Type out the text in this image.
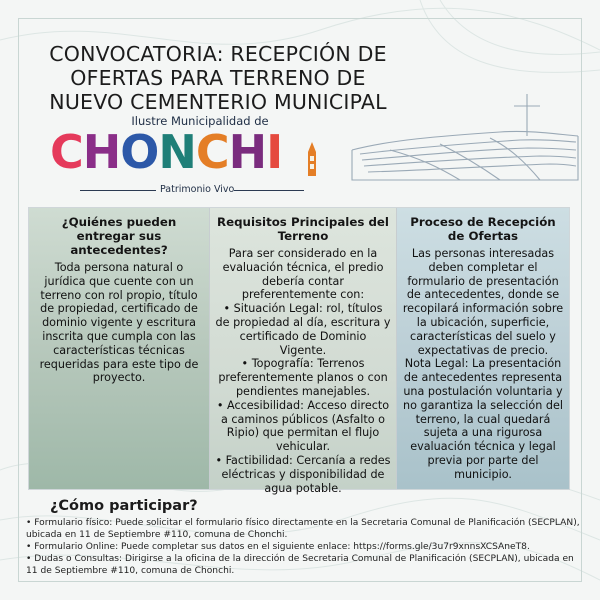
CONVOCATORIA: RECEPCIÓN DE
OFERTAS PARA TERRENO DE
NUEVO CEMENTERIO MUNICIPAL
Ilustre Municipalidad de
CHONCHI
Patrimonio Vivo
¿Quiénes pueden entregar sus antecedentes?

Toda persona natural o
jurídica que cuente con un
terreno con rol propio, título
de propiedad, certificado de
dominio vigente y escritura
inscrita que cumpla con las
características técnicas
requeridas para este tipo de
proyecto.

Requisitos Principales del Terreno

Para ser considerado en la
evaluación técnica, el predio
debería contar
preferentemente con:
• Situación Legal: rol, títulos
de propiedad al día, escritura y
certificado de Dominio Vigente.
• Topografía: Terrenos
preferentemente planos o con
pendientes manejables.
• Accesibilidad: Acceso directo
a caminos públicos (Asfalto o
Ripio) que permitan el flujo
vehicular.
• Factibilidad: Cercanía a redes
eléctricas y disponibilidad de
agua potable.

Proceso de Recepción de Ofertas

Las personas interesadas
deben completar el
formulario de presentación
de antecedentes, donde se
recopilará información sobre
la ubicación, superficie,
características del suelo y
expectativas de precio.
Nota Legal: La presentación
de antecedentes representa
una postulación voluntaria y
no garantiza la selección del
terreno, la cual quedará
sujeta a una rigurosa
evaluación técnica y legal
previa por parte del
municipio.

¿Cómo participar?
• Formulario físico: Puede solicitar el formulario físico directamente en la Secretaria Comunal de Planificación (SECPLAN), ubicada en 11 de Septiembre #110, comuna de Chonchi.
• Formulario Online: Puede completar sus datos en el siguiente enlace: https://forms.gle/3u7r9xnnsXCSAneT8.
• Dudas o Consultas: Dirigirse a la oficina de la dirección de Secretaria Comunal de Planificación (SECPLAN), ubicada en 11 de Septiembre #110, comuna de Chonchi.
